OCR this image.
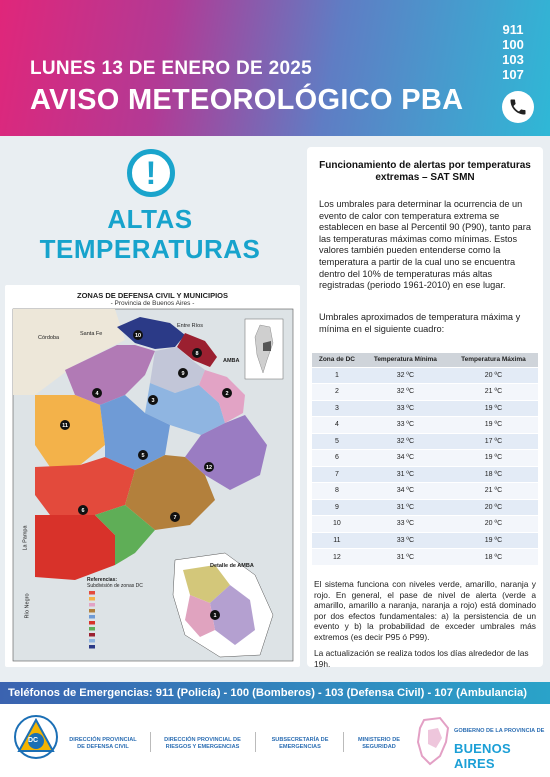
LUNES 13 DE ENERO DE 2025
AVISO METEOROLÓGICO PBA
911
100
103
107
!
ALTAS
TEMPERATURAS
ZONAS DE DEFENSA CIVIL Y MUNICIPIOS
- Provincia de Buenos Aires -
10
8
4
3
11
5
12
6
7
1
2
9
Córdoba
Santa Fe
Entre Ríos
AMBA
La Pampa
Río Negro
Detalle de AMBA
Referencias:
Subdivisión de zonas DC
Funcionamiento de alertas por temperaturas extremas – SAT SMN
Los umbrales para determinar la ocurrencia de un evento de calor con temperatura extrema se establecen en base al Percentil 90 (P90), tanto para las temperaturas máximas como mínimas. Estos valores también pueden entenderse como la temperatura a partir de la cual uno se encuentra dentro del 10% de temperaturas más altas registradas (periodo 1961-2010) en ese lugar.
Umbrales aproximados de temperatura máxima y mínima en el siguiente cuadro:
Zona de DC	Temperatura Mínima	Temperatura Máxima
1	32 ºC	20 ºC
2	32 ºC	21 ºC
3	33 ºC	19 ºC
4	33 ºC	19 ºC
5	32 ºC	17 ºC
6	34 ºC	19 ºC
7	31 ºC	18 ºC
8	34 ºC	21 ºC
9	31 ºC	20 ºC
10	33 ºC	20 ºC
11	33 ºC	19 ºC
12	31 ºC	18 ºC
El sistema funciona con niveles verde, amarillo, naranja y rojo. En general, el pase de nivel de alerta (verde a amarillo, amarillo a naranja, naranja a rojo) está dominado por dos efectos fundamentales: a) la persistencia de un evento y b) la probabilidad de exceder umbrales más extremos (es decir P95 ó P99).
La actualización se realiza todos los días alrededor de las 19h.
Teléfonos de Emergencias: 911 (Policía) - 100 (Bomberos) - 103 (Defensa Civil) - 107 (Ambulancia)
DC	DIRECCIÓN PROVINCIAL
DE DEFENSA CIVIL
DIRECCIÓN PROVINCIAL DE
RIESGOS Y EMERGENCIAS
SUBSECRETARÍA DE
EMERGENCIAS
MINISTERIO DE
SEGURIDAD
GOBIERNO DE LA PROVINCIA DE
BUENOS AIRES
